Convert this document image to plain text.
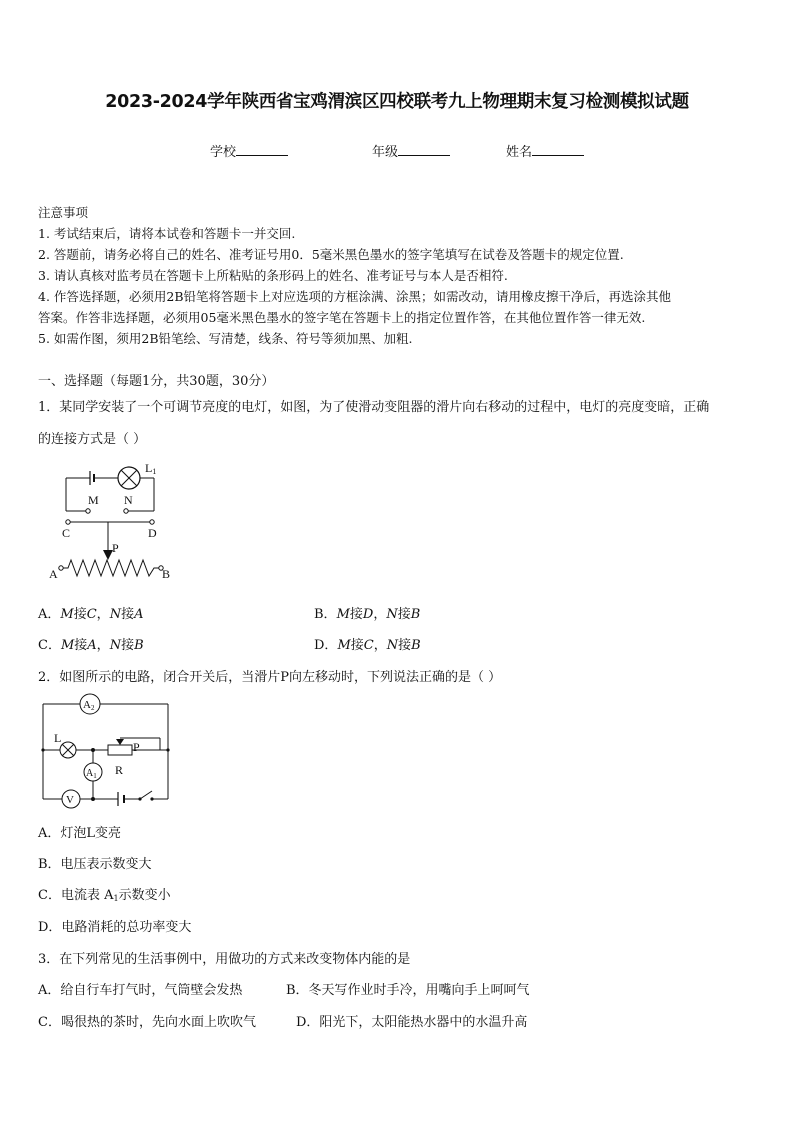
2023-2024学年陕西省宝鸡渭滨区四校联考九上物理期末复习检测模拟试题
学校	年级	姓名
注意事项
1. 考试结束后，请将本试卷和答题卡一并交回.
2. 答题前，请务必将自己的姓名、准考证号用0．5毫米黑色墨水的签字笔填写在试卷及答题卡的规定位置.
3. 请认真核对监考员在答题卡上所粘贴的条形码上的姓名、准考证号与本人是否相符.
4. 作答选择题，必须用2B铅笔将答题卡上对应选项的方框涂满、涂黑；如需改动，请用橡皮擦干净后，再选涂其他
答案。作答非选择题，必须用05毫米黑色墨水的签字笔在答题卡上的指定位置作答，在其他位置作答一律无效.
5. 如需作图，须用2B铅笔绘、写清楚，线条、符号等须加黑、加粗.
一、选择题（每题1分，共30题，30分）
1．某同学安装了一个可调节亮度的电灯，如图，为了使滑动变阻器的滑片向右移动的过程中，电灯的亮度变暗，正确
的连接方式是（ ）
L1
M N
C	D
P
A	B
A．M接C，N接A	B．M接D，N接B
C．M接A，N接B	D．M接C，N接B
2．如图所示的电路，闭合开关后，当滑片P向左移动时，下列说法正确的是（ ）
A2
L
P
$A_1$ R
V
A．灯泡L变亮
B．电压表示数变大
C．电流表 $A_1$示数变小
D．电路消耗的总功率变大
3．在下列常见的生活事例中，用做功的方式来改变物体内能的是
A．给自行车打气时，气筒壁会发热	B．冬天写作业时手冷，用嘴向手上呵呵气
C．喝很热的茶时，先向水面上吹吹气	D．阳光下，太阳能热水器中的水温升高
